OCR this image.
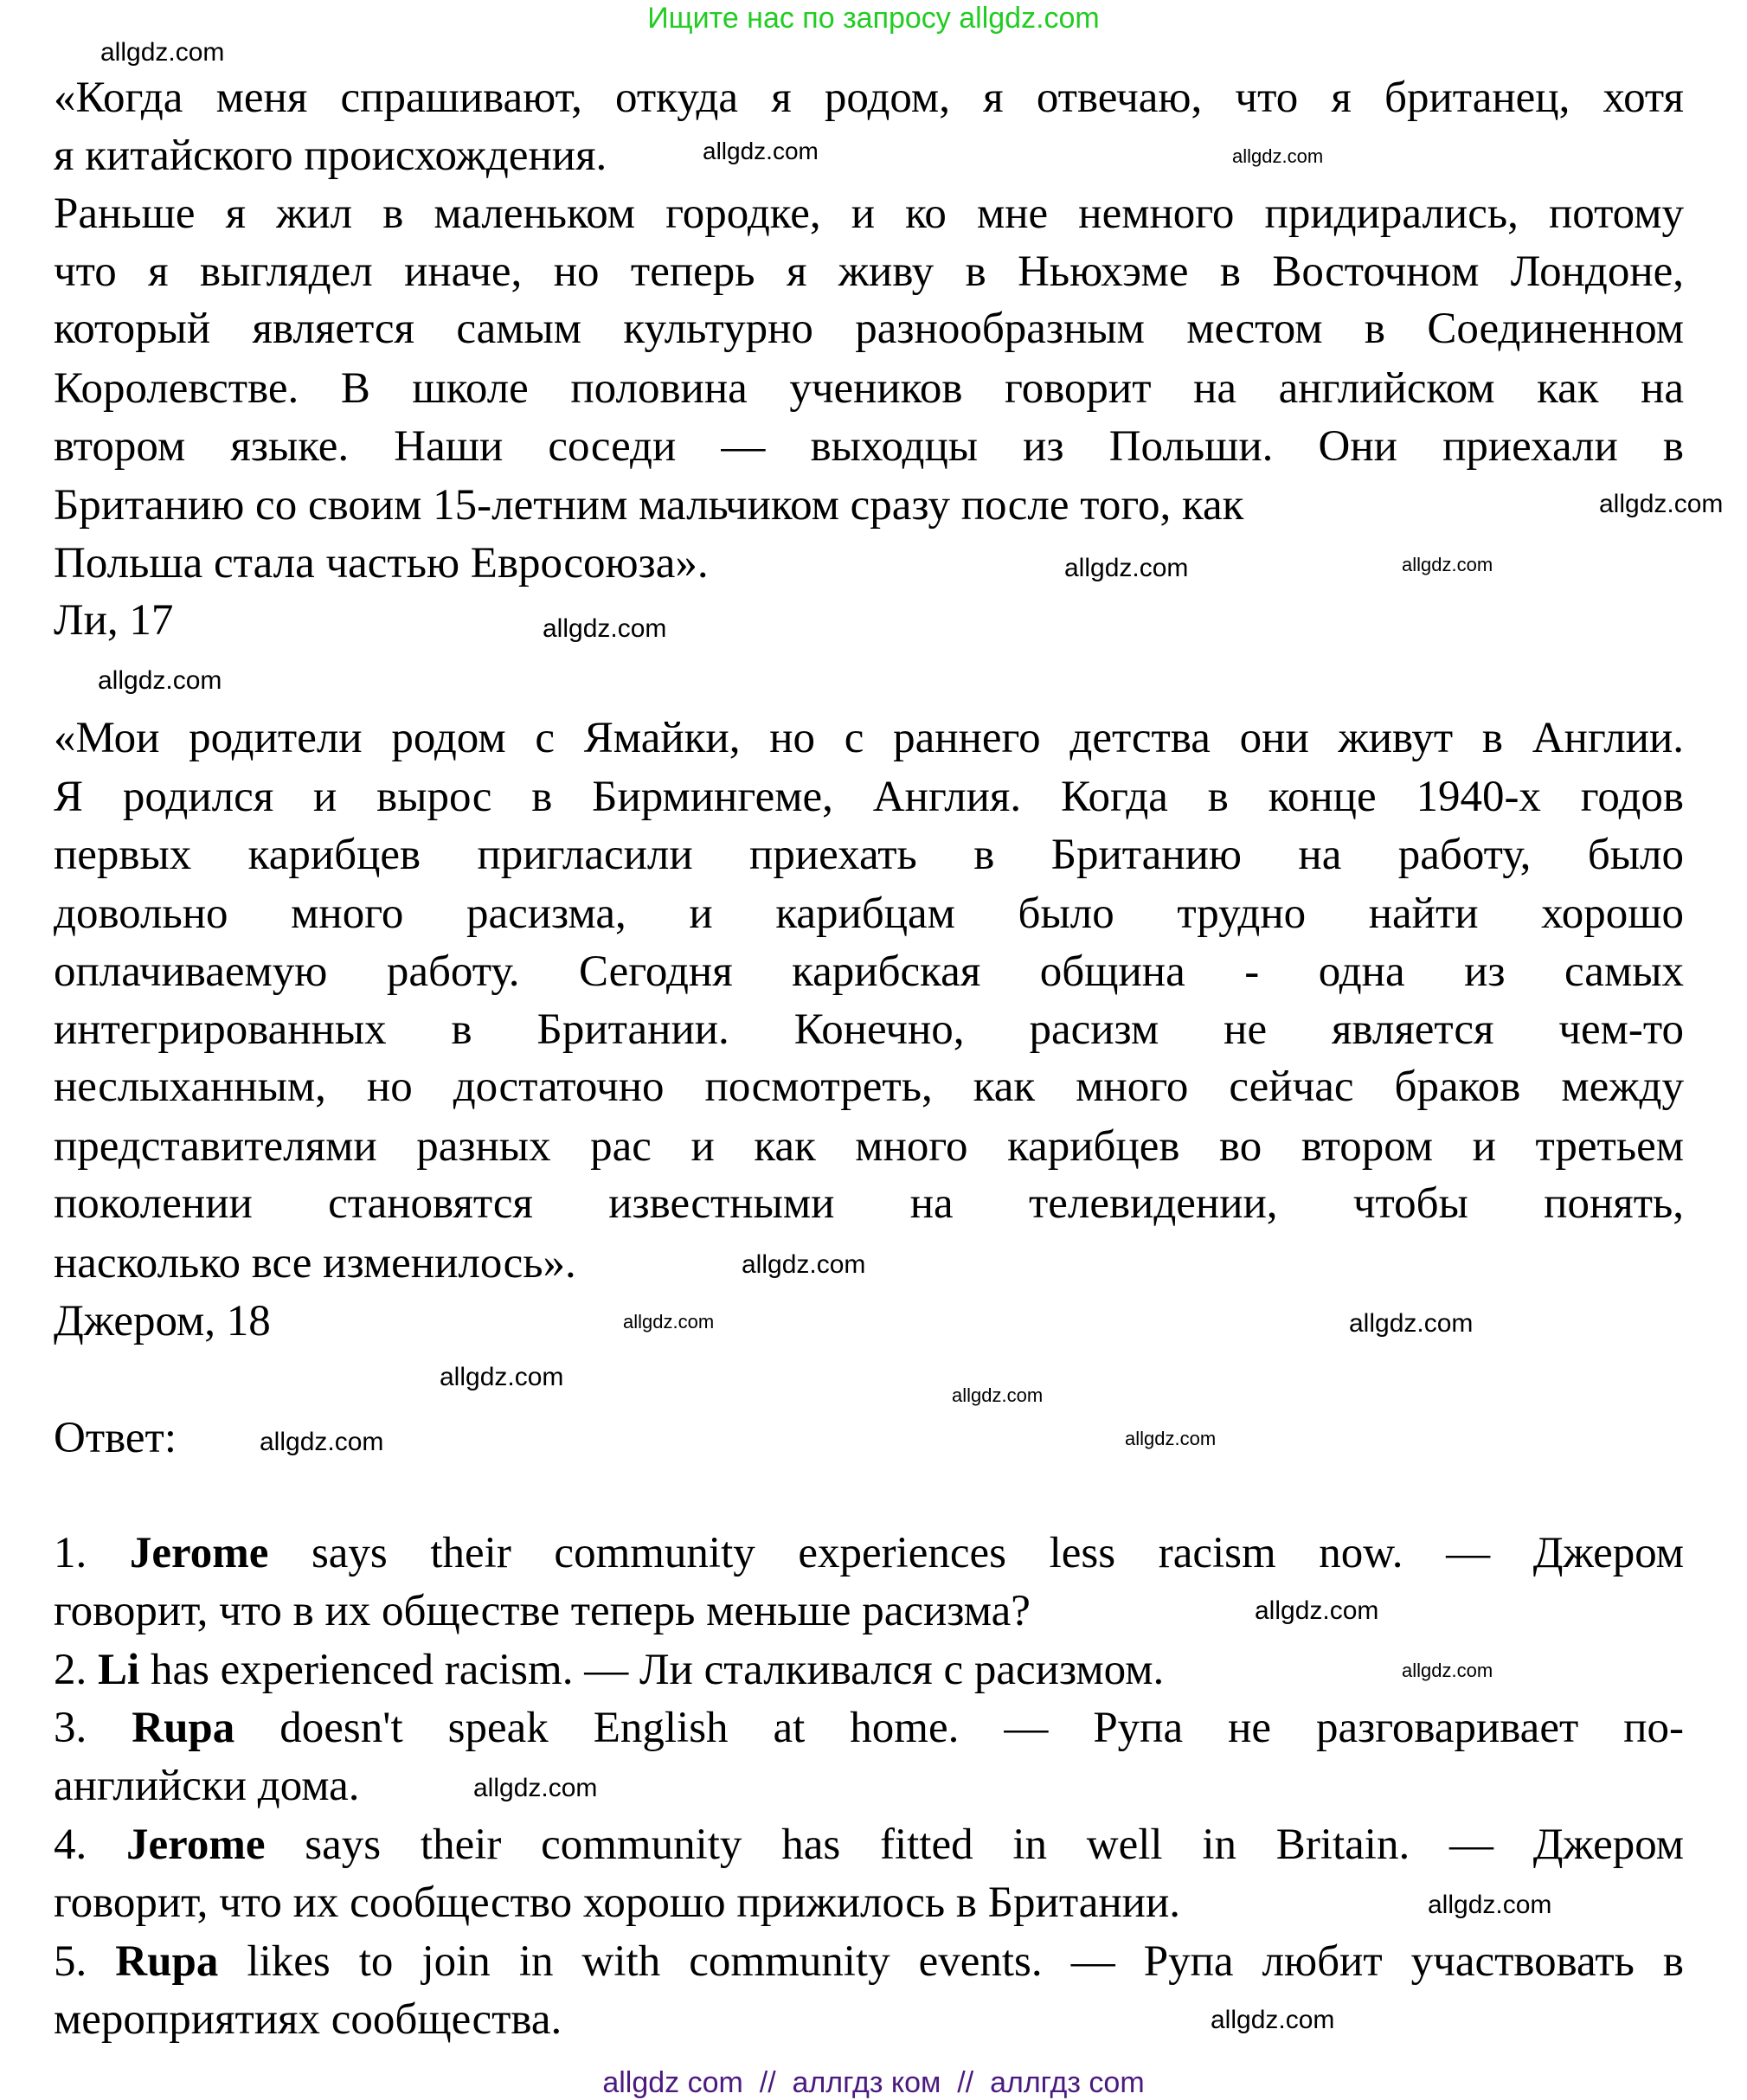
Ищите нас по запросу allgdz.com
«Когда меня спрашивают, откуда я родом, я отвечаю, что я британец, хотя
я китайского происхождения.
Раньше я жил в маленьком городке, и ко мне немного придирались, потому
что я выглядел иначе, но теперь я живу в Ньюхэме в Восточном Лондоне,
который является самым культурно разнообразным местом в Соединенном
Королевстве. В школе половина учеников говорит на английском как на
втором языке. Наши соседи — выходцы из Польши. Они приехали в
Британию со своим 15-летним мальчиком сразу после того, как
Польша стала частью Евросоюза».
Ли, 17
«Мои родители родом с Ямайки, но с раннего детства они живут в Англии.
Я родился и вырос в Бирмингеме, Англия. Когда в конце 1940-х годов
первых карибцев пригласили приехать в Британию на работу, было
довольно много расизма, и карибцам было трудно найти хорошо
оплачиваемую работу. Сегодня карибская община - одна из самых
интегрированных в Британии. Конечно, расизм не является чем-то
неслыханным, но достаточно посмотреть, как много сейчас браков между
представителями разных рас и как много карибцев во втором и третьем
поколении становятся известными на телевидении, чтобы понять,
насколько все изменилось».
Джером, 18
Ответ:
1. Jerome says their community experiences less racism now. — Джером
говорит, что в их обществе теперь меньше расизма?
2. Li has experienced racism. — Ли сталкивался с расизмом.
3. Rupa doesn't speak English at home. — Рупа не разговаривает по-
английски дома.
4. Jerome says their community has fitted in well in Britain. — Джером
говорит, что их сообщество хорошо прижилось в Британии.
5. Rupa likes to join in with community events. — Рупа любит участвовать в
мероприятиях сообщества.
allgdz.com
allgdz.com	allgdz.com
allgdz.com
allgdz.com
allgdz.com
allgdz.com
allgdz.com
allgdz.com
allgdz.com
allgdz.com
allgdz.com
allgdz.com
allgdz.com
allgdz.com
allgdz.com
allgdz.com
allgdz.com
allgdz.com
allgdz.com
allgdz com  //  аллгдз ком  //  аллгдз com
